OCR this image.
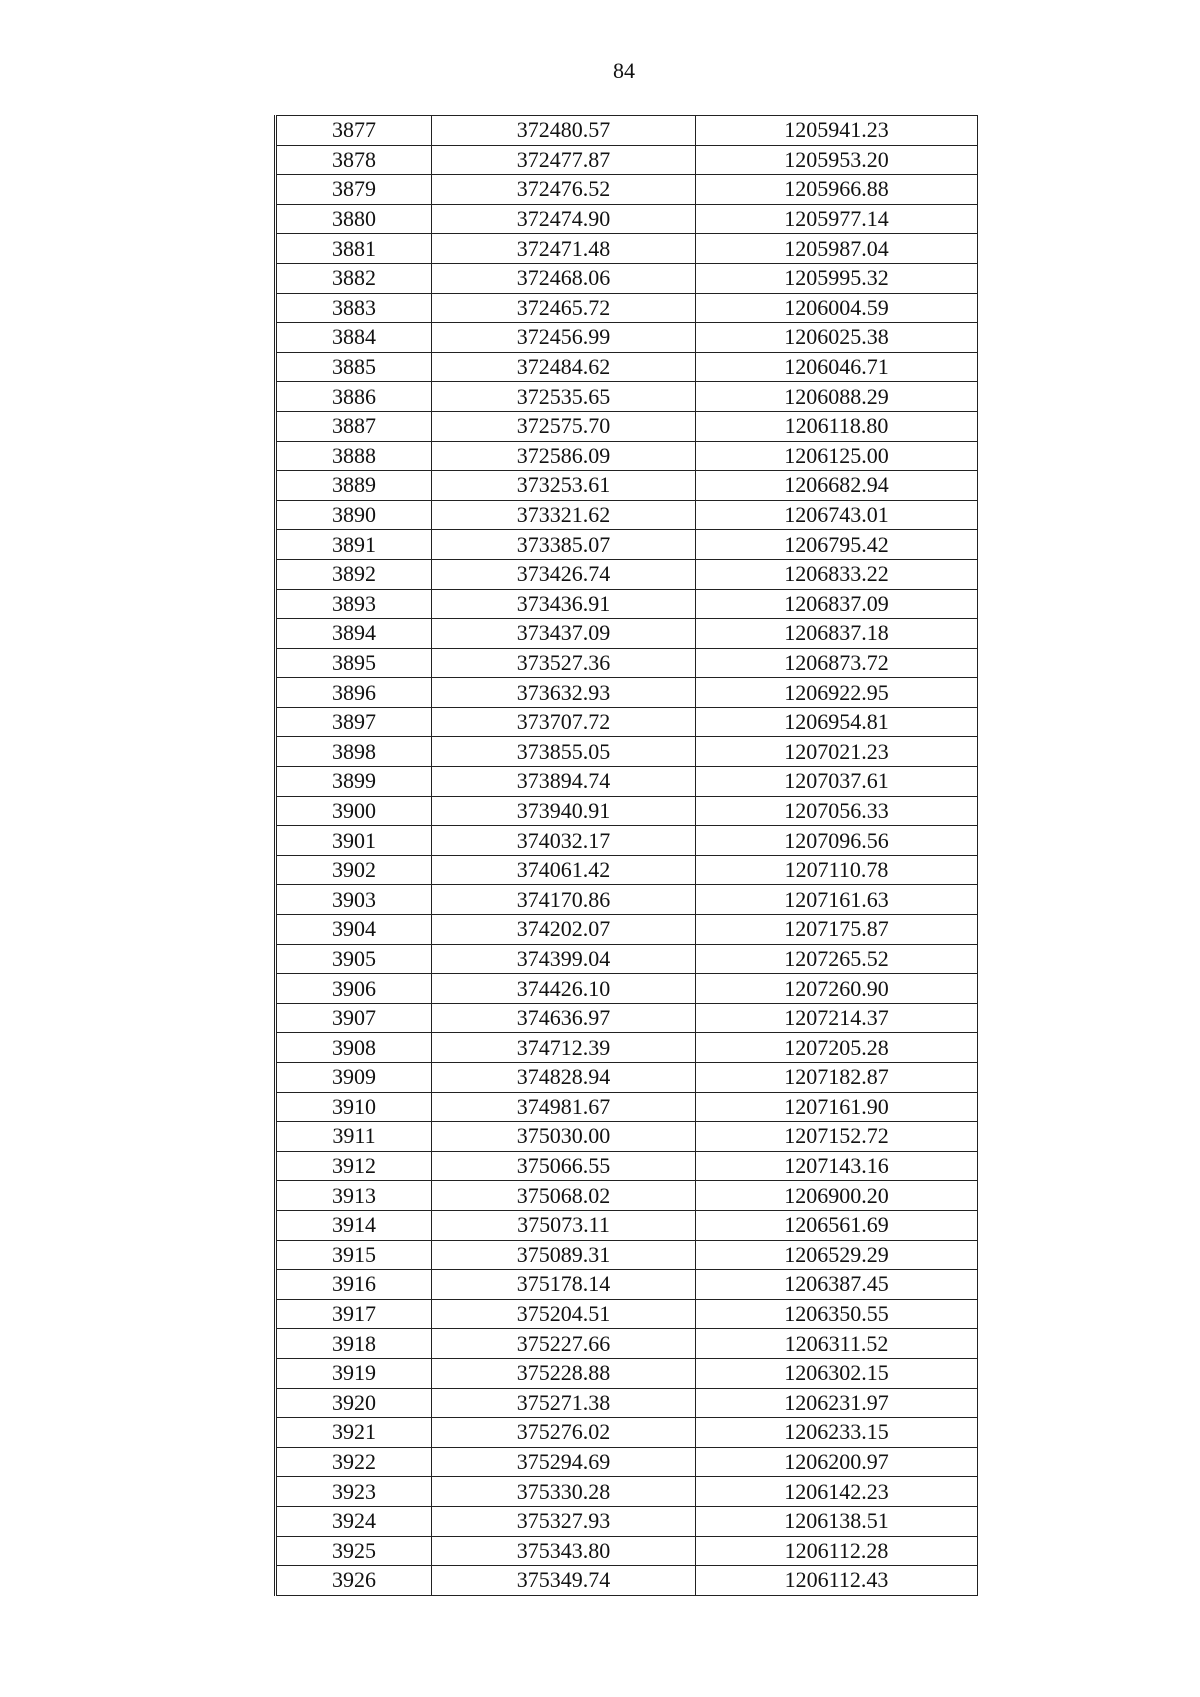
84
3877	372480.57	1205941.23
3878	372477.87	1205953.20
3879	372476.52	1205966.88
3880	372474.90	1205977.14
3881	372471.48	1205987.04
3882	372468.06	1205995.32
3883	372465.72	1206004.59
3884	372456.99	1206025.38
3885	372484.62	1206046.71
3886	372535.65	1206088.29
3887	372575.70	1206118.80
3888	372586.09	1206125.00
3889	373253.61	1206682.94
3890	373321.62	1206743.01
3891	373385.07	1206795.42
3892	373426.74	1206833.22
3893	373436.91	1206837.09
3894	373437.09	1206837.18
3895	373527.36	1206873.72
3896	373632.93	1206922.95
3897	373707.72	1206954.81
3898	373855.05	1207021.23
3899	373894.74	1207037.61
3900	373940.91	1207056.33
3901	374032.17	1207096.56
3902	374061.42	1207110.78
3903	374170.86	1207161.63
3904	374202.07	1207175.87
3905	374399.04	1207265.52
3906	374426.10	1207260.90
3907	374636.97	1207214.37
3908	374712.39	1207205.28
3909	374828.94	1207182.87
3910	374981.67	1207161.90
3911	375030.00	1207152.72
3912	375066.55	1207143.16
3913	375068.02	1206900.20
3914	375073.11	1206561.69
3915	375089.31	1206529.29
3916	375178.14	1206387.45
3917	375204.51	1206350.55
3918	375227.66	1206311.52
3919	375228.88	1206302.15
3920	375271.38	1206231.97
3921	375276.02	1206233.15
3922	375294.69	1206200.97
3923	375330.28	1206142.23
3924	375327.93	1206138.51
3925	375343.80	1206112.28
3926	375349.74	1206112.43
